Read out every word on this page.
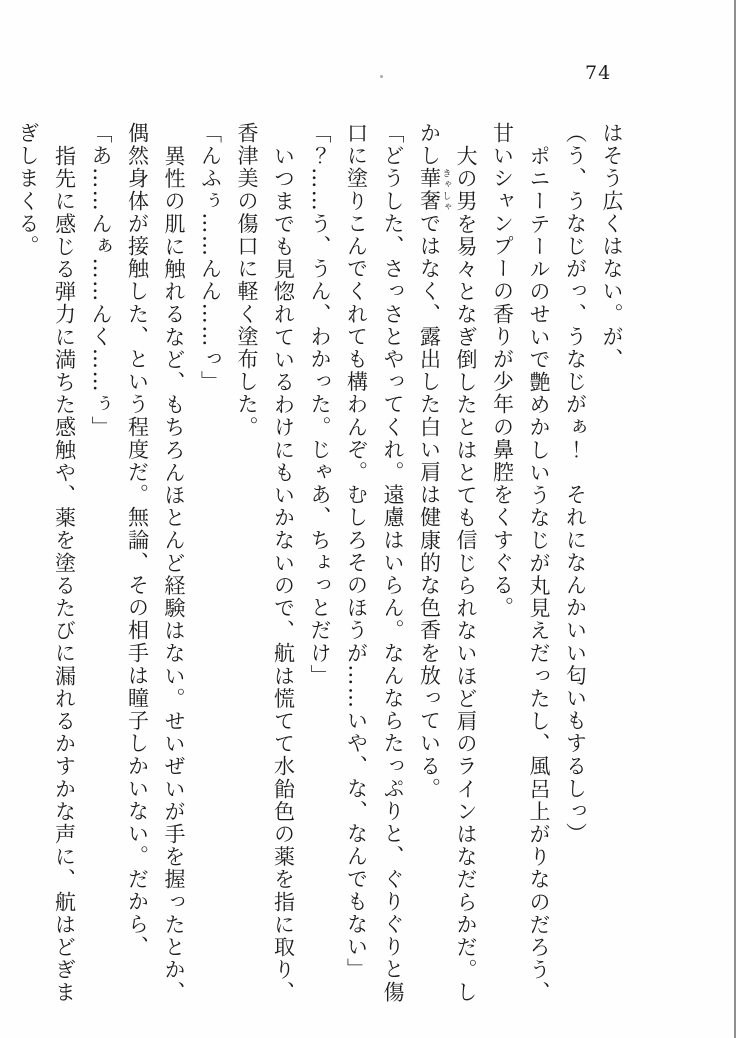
74

はそう広くはない。が、

（う、うなじがっ、うなじがぁ！　それになんかいい匂いもするしっ）

ポニーテールのせいで艶めかしいうなじが丸見えだったし、風呂上がりなのだろう、甘いシャンプーの香りが少年の鼻腔をくすぐる。

大の男を易々となぎ倒したとはとても信じられないほど肩のラインはなだらかだ。しかし華奢 きゃしゃではなく、露出した白い肩は健康的な色香を放っている。

「どうした、さっさとやってくれ。遠慮はいらん。なんならたっぷりと、ぐりぐりと傷口に塗りこんでくれても構わんぞ。むしろそのほうが……いや、な、なんでもない」

「？……う、うん、わかった。じゃあ、ちょっとだけ」

いつまでも見惚れているわけにもいかないので、航は慌てて水飴色の薬を指に取り、香津美の傷口に軽く塗布した。

「んふぅ……んん……っ」

異性の肌に触れるなど、もちろんほとんど経験はない。せいぜいが手を握ったとか、偶然身体が接触した、という程度だ。無論、その相手は瞳子しかいない。だから、

「あ……んぁ……んく……ぅ」

指先に感じる弾力に満ちた感触や、薬を塗るたびに漏れるかすかな声に、航はどぎまぎしまくる。
